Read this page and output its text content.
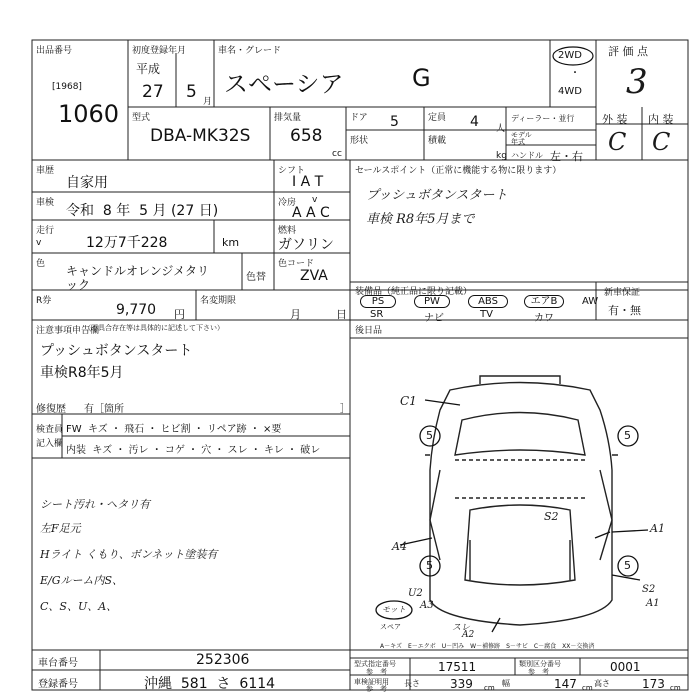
出品番号
[1968]
1060
初度登録年月
平成
27 5 月
車名・グレード
スペーシア	G
2WD
・
4WD
評 価 点
3
外 装 内 装
C C
型式
DBA-MK32S
排気量
658
cc
ドア 5	定員 4 人
ディーラー・並行
モデル
年式
形状	積載
kg ハンドル 左・右
車歴
自家用
車検 令和  8 年  5 月 (27 日)
走行
v	12万7千228	km
シフト
I A T
冷房 v
A A C
燃料
ガソリン
色 キャンドルオレンジメタリ
ック
色替
色コード
ZVA
R券
9,770 円
名変期限
月	日
セールスポイント（正常に機能する物に限ります）
プッシュボタンスタート
車検 R8年5月まで
装備品（純正品に限り記載）
PS	PW	ABS	エアB	AW
SR	ナビ	TV	カワ
新車保証
有・無
注意事項申告欄
（不具合存在等は具体的に記述して下さい）
プッシュボタンスタート
車検R8年5月
修復歴 有［箇所	］
検査員
記入欄
FW  キズ ・ 飛石 ・ ヒビ割 ・ リペア跡 ・ ×要
内装  キズ ・ 汚レ ・ コゲ ・ 穴 ・ スレ ・ キレ ・ 破レ
シート汚れ・ヘタリ有
左F足元
Hライト くもり、ボンネット塗装有
E/Gルーム内S、
C、S、U、A、
後日品
C1
S2
A1
A4
U2
A3
S2
A1
スレ
A2
5	5
5	5
モット
スペア
A－キズ　E－エクボ　U－凹み　W－補修跡　S－サビ　C－腐食　XX－交換済
車台番号	252306
登録番号	沖縄  581  さ  6114
型式指定番号
参　考	17511	類別区分番号
参　考	0001
車検証明用
参　考
長さ	339 cm 幅	147 cm 高さ	173 cm
